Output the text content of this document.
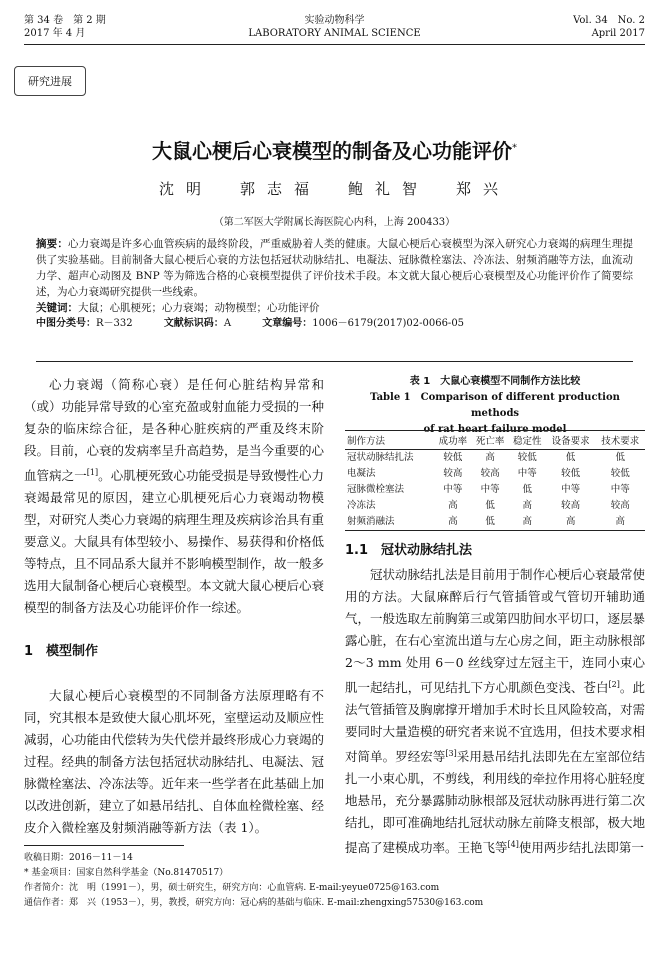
第 34 卷　第 2 期
2017 年 4 月
实验动物科学
LABORATORY ANIMAL SCIENCE
Vol. 34　No. 2
April 2017
研究进展
大鼠心梗后心衰模型的制备及心功能评价*
沈明　郭志福　鲍礼智　郑兴
（第二军医大学附属长海医院心内科，上海 200433）
摘要：心力衰竭是许多心血管疾病的最终阶段，严重威胁着人类的健康。大鼠心梗后心衰模型为深入研究心力衰竭的病理生理提供了实验基础。目前制备大鼠心梗后心衰的方法包括冠状动脉结扎、电凝法、冠脉微栓塞法、冷冻法、射频消融等方法，血流动力学、超声心动图及 BNP 等为筛选合格的心衰模型提供了评价技术手段。本文就大鼠心梗后心衰模型及心功能评价作了简要综述，为心力衰竭研究提供一些线索。
关键词：大鼠；心肌梗死；心力衰竭；动物模型；心功能评价
中图分类号：R－332	文献标识码：A	文章编号：1006－6179(2017)02-0066-05
心力衰竭（简称心衰）是任何心脏结构异常和（或）功能异常导致的心室充盈或射血能力受损的一种复杂的临床综合征，是各种心脏疾病的严重及终末阶段。目前，心衰的发病率呈升高趋势，是当今重要的心血管病之一[1]。心肌梗死致心功能受损是导致慢性心力衰竭最常见的原因，建立心肌梗死后心力衰竭动物模型，对研究人类心力衰竭的病理生理及疾病诊治具有重要意义。大鼠具有体型较小、易操作、易获得和价格低等特点，且不同品系大鼠并不影响模型制作，故一般多选用大鼠制备心梗后心衰模型。本文就大鼠心梗后心衰模型的制备方法及心功能评价作一综述。
1　模型制作
大鼠心梗后心衰模型的不同制备方法原理略有不同，究其根本是致使大鼠心肌坏死，室壁运动及顺应性减弱，心功能由代偿转为失代偿并最终形成心力衰竭的过程。经典的制备方法包括冠状动脉结扎、电凝法、冠脉微栓塞法、冷冻法等。近年来一些学者在此基础上加以改进创新，建立了如悬吊结扎、自体血栓微栓塞、经皮介入微栓塞及射频消融等新方法（表 1）。
表 1　大鼠心衰模型不同制作方法比较
Table 1　Comparison of different production methods
of rat heart failure model
制作方法	成功率	死亡率	稳定性	设备要求	技术要求
冠状动脉结扎法	较低	高	较低	低	低
电凝法	较高	较高	中等	较低	较低
冠脉微栓塞法	中等	中等	低	中等	中等
冷冻法	高	低	高	较高	较高
射频消融法	高	低	高	高	高
1.1　冠状动脉结扎法
冠状动脉结扎法是目前用于制作心梗后心衰最常使用的方法。大鼠麻醉后行气管插管或气管切开辅助通气，一般选取左前胸第三或第四肋间水平切口，逐层暴露心脏，在右心室流出道与左心房之间，距主动脉根部 2～3 mm 处用 6－0 丝线穿过左冠主干，连同小束心肌一起结扎，可见结扎下方心肌颜色变浅、苍白[2]。此法气管插管及胸廓撑开增加手术时长且风险较高，对需要同时大量造模的研究者来说不宜选用，但技术要求相对简单。罗经宏等[3]采用悬吊结扎法即先在左室部位结扎一小束心肌，不剪线，利用线的牵拉作用将心脏轻度地悬吊，充分暴露肺动脉根部及冠状动脉再进行第二次结扎，即可准确地结扎冠状动脉左前降支根部，极大地提高了建模成功率。王艳飞等[4]使用两步结扎法即第一
收稿日期：2016－11－14
* 基金项目：国家自然科学基金（No.81470517）
作者简介：沈　明（1991－），男，硕士研究生，研究方向：心血管病. E-mail:yeyue0725@163.com
通信作者：郑　兴（1953－），男，教授，研究方向：冠心病的基础与临床. E-mail:zhengxing57530@163.com
